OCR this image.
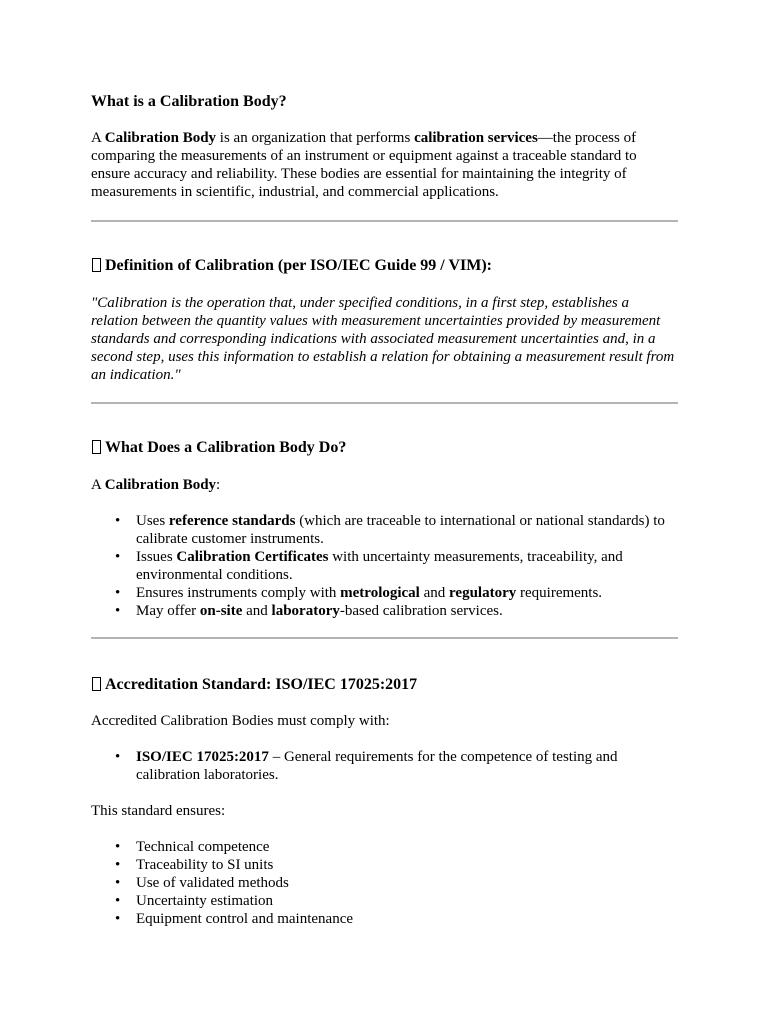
What is a Calibration Body?

A Calibration Body is an organization that performs calibration services—the process of comparing the measurements of an instrument or equipment against a traceable standard to ensure accuracy and reliability. These bodies are essential for maintaining the integrity of measurements in scientific, industrial, and commercial applications.

Definition of Calibration (per ISO/IEC Guide 99 / VIM):

"Calibration is the operation that, under specified conditions, in a first step, establishes a relation between the quantity values with measurement uncertainties provided by measurement standards and corresponding indications with associated measurement uncertainties and, in a second step, uses this information to establish a relation for obtaining a measurement result from an indication."

What Does a Calibration Body Do?

A Calibration Body:

• Uses reference standards (which are traceable to international or national standards) to calibrate customer instruments.
• Issues Calibration Certificates with uncertainty measurements, traceability, and environmental conditions.
• Ensures instruments comply with metrological and regulatory requirements.
• May offer on-site and laboratory-based calibration services.
Accreditation Standard: ISO/IEC 17025:2017

Accredited Calibration Bodies must comply with:

• ISO/IEC 17025:2017 – General requirements for the competence of testing and calibration laboratories.

This standard ensures:

• Technical competence
• Traceability to SI units
• Use of validated methods
• Uncertainty estimation
• Equipment control and maintenance
